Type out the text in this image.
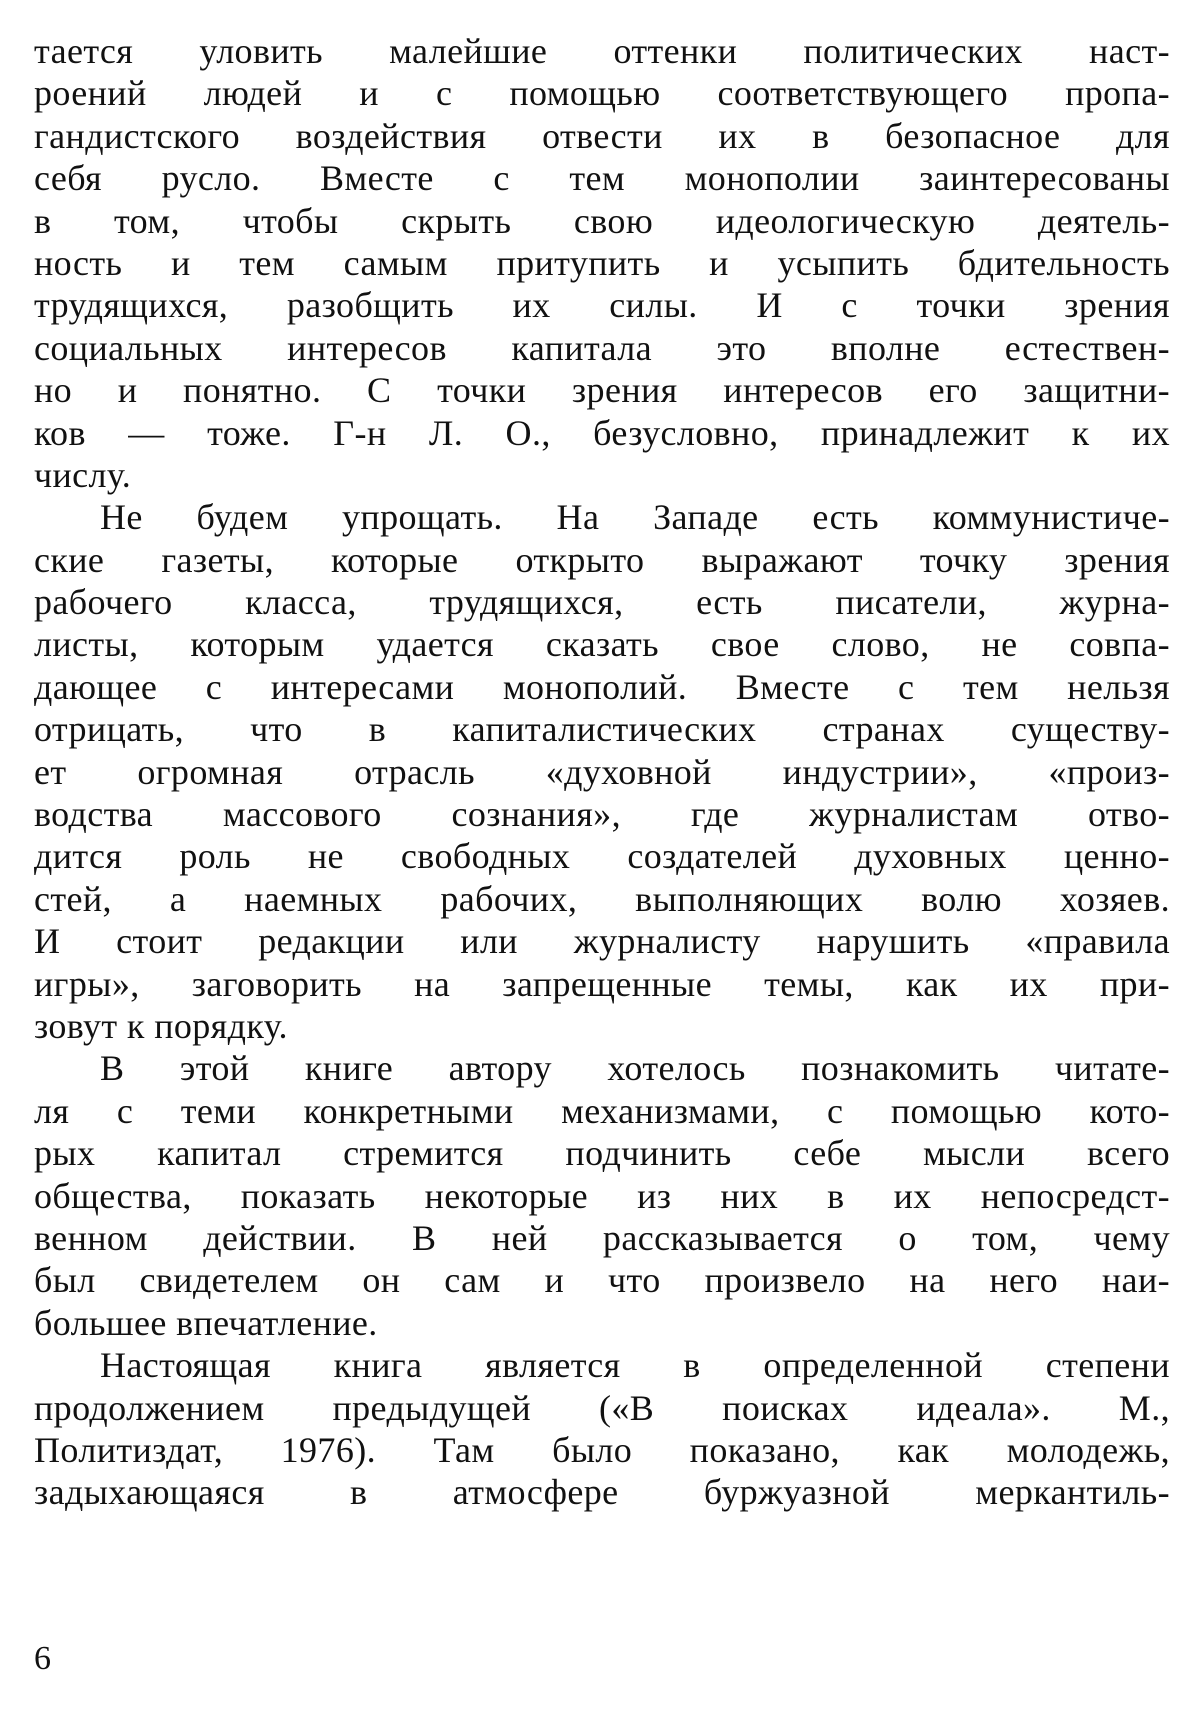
тается уловить малейшие оттенки политических наст-
роений людей и с помощью соответствующего пропа-
гандистского воздействия отвести их в безопасное для
себя русло. Вместе с тем монополии заинтересованы
в том, чтобы скрыть свою идеологическую деятель-
ность и тем самым притупить и усыпить бдительность
трудящихся, разобщить их силы. И с точки зрения
социальных интересов капитала это вполне естествен-
но и понятно. С точки зрения интересов его защитни-
ков — тоже. Г-н Л. О., безусловно, принадлежит к их
числу.
Не будем упрощать. На Западе есть коммунистиче-
ские газеты, которые открыто выражают точку зрения
рабочего класса, трудящихся, есть писатели, журна-
листы, которым удается сказать свое слово, не совпа-
дающее с интересами монополий. Вместе с тем нельзя
отрицать, что в капиталистических странах существу-
ет огромная отрасль «духовной индустрии», «произ-
водства массового сознания», где журналистам отво-
дится роль не свободных создателей духовных ценно-
стей, а наемных рабочих, выполняющих волю хозяев.
И стоит редакции или журналисту нарушить «правила
игры», заговорить на запрещенные темы, как их при-
зовут к порядку.
В этой книге автору хотелось познакомить читате-
ля с теми конкретными механизмами, с помощью кото-
рых капитал стремится подчинить себе мысли всего
общества, показать некоторые из них в их непосредст-
венном действии. В ней рассказывается о том, чему
был свидетелем он сам и что произвело на него наи-
большее впечатление.
Настоящая книга является в определенной степени
продолжением предыдущей («В поисках идеала». М.,
Политиздат, 1976). Там было показано, как молодежь,
задыхающаяся в атмосфере буржуазной меркантиль-
6
